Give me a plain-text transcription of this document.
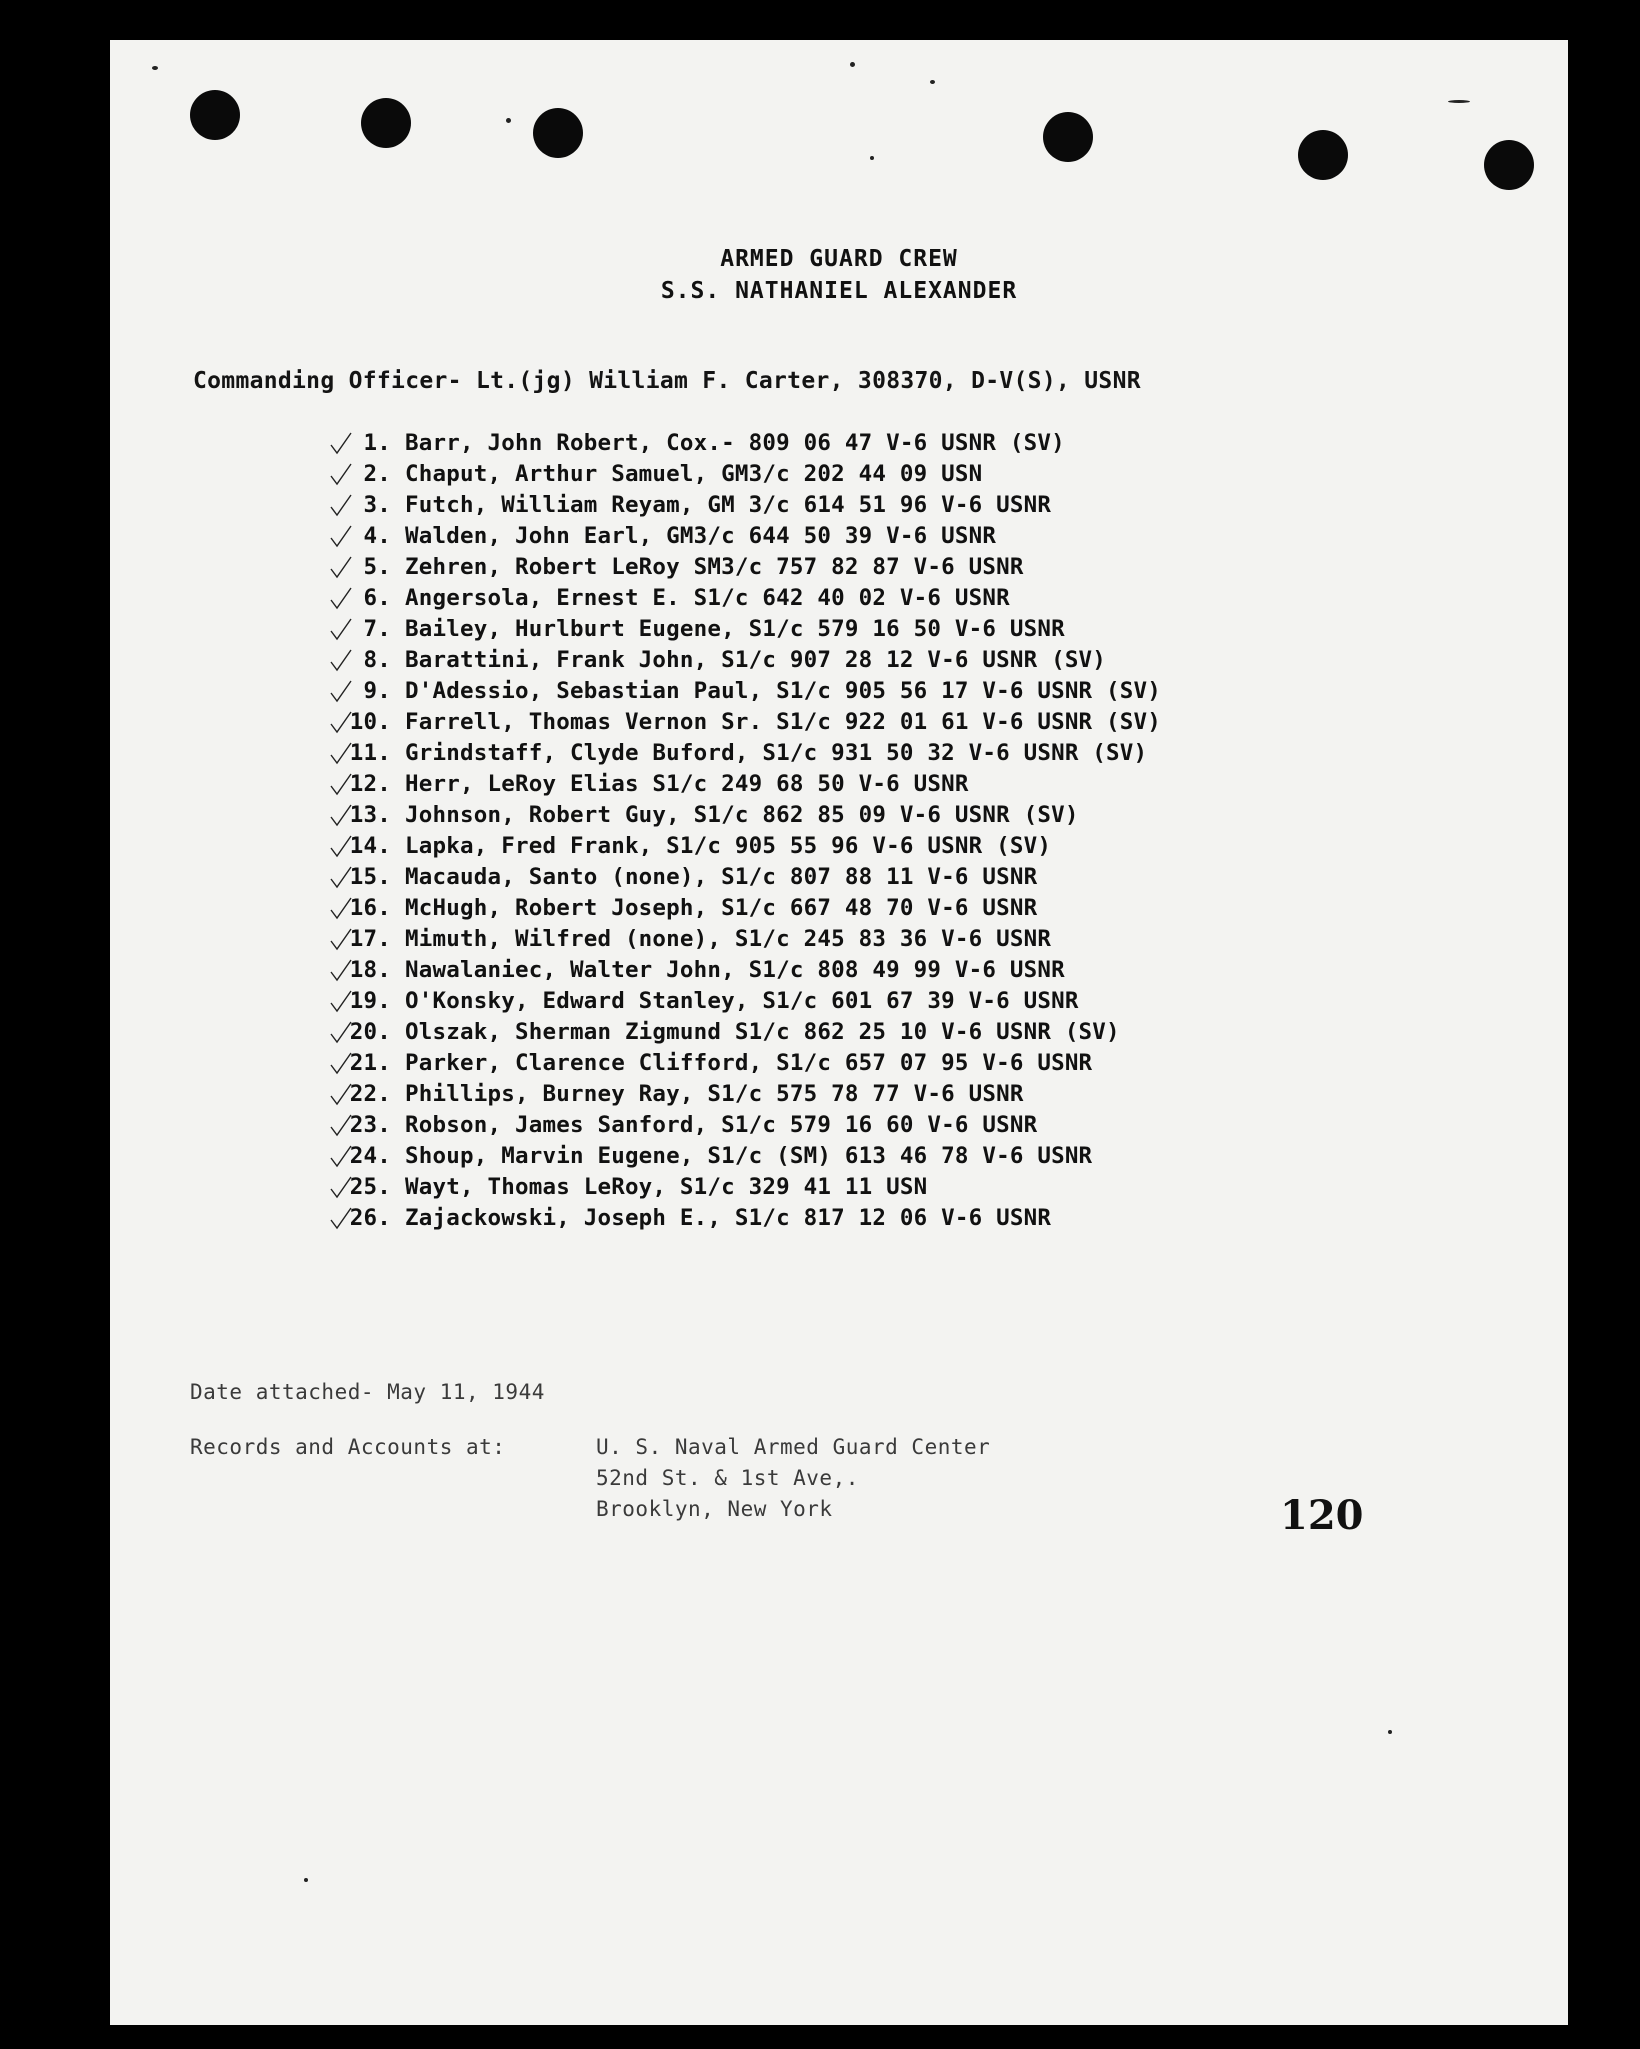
ARMED GUARD CREW
S.S. NATHANIEL ALEXANDER
Commanding Officer- Lt.(jg) William F. Carter, 308370, D-V(S), USNR
1. Barr, John Robert, Cox.- 809 06 47 V-6 USNR (SV)
2. Chaput, Arthur Samuel, GM3/c 202 44 09 USN
3. Futch, William Reyam, GM 3/c 614 51 96 V-6 USNR
4. Walden, John Earl, GM3/c 644 50 39 V-6 USNR
5. Zehren, Robert LeRoy SM3/c 757 82 87 V-6 USNR
6. Angersola, Ernest E. S1/c 642 40 02 V-6 USNR
7. Bailey, Hurlburt Eugene, S1/c 579 16 50 V-6 USNR
8. Barattini, Frank John, S1/c 907 28 12 V-6 USNR (SV)
9. D'Adessio, Sebastian Paul, S1/c 905 56 17 V-6 USNR (SV)
10. Farrell, Thomas Vernon Sr. S1/c 922 01 61 V-6 USNR (SV)
11. Grindstaff, Clyde Buford, S1/c 931 50 32 V-6 USNR (SV)
12. Herr, LeRoy Elias S1/c 249 68 50 V-6 USNR
13. Johnson, Robert Guy, S1/c 862 85 09 V-6 USNR (SV)
14. Lapka, Fred Frank, S1/c 905 55 96 V-6 USNR (SV)
15. Macauda, Santo (none), S1/c 807 88 11 V-6 USNR
16. McHugh, Robert Joseph, S1/c 667 48 70 V-6 USNR
17. Mimuth, Wilfred (none), S1/c 245 83 36 V-6 USNR
18. Nawalaniec, Walter John, S1/c 808 49 99 V-6 USNR
19. O'Konsky, Edward Stanley, S1/c 601 67 39 V-6 USNR
20. Olszak, Sherman Zigmund S1/c 862 25 10 V-6 USNR (SV)
21. Parker, Clarence Clifford, S1/c 657 07 95 V-6 USNR
22. Phillips, Burney Ray, S1/c 575 78 77 V-6 USNR
23. Robson, James Sanford, S1/c 579 16 60 V-6 USNR
24. Shoup, Marvin Eugene, S1/c (SM) 613 46 78 V-6 USNR
25. Wayt, Thomas LeRoy, S1/c 329 41 11 USN
26. Zajackowski, Joseph E., S1/c 817 12 06 V-6 USNR
Date attached- May 11, 1944
Records and Accounts at:	U. S. Naval Armed Guard Center
52nd St. & 1st Ave,.
Brooklyn, New York	120
